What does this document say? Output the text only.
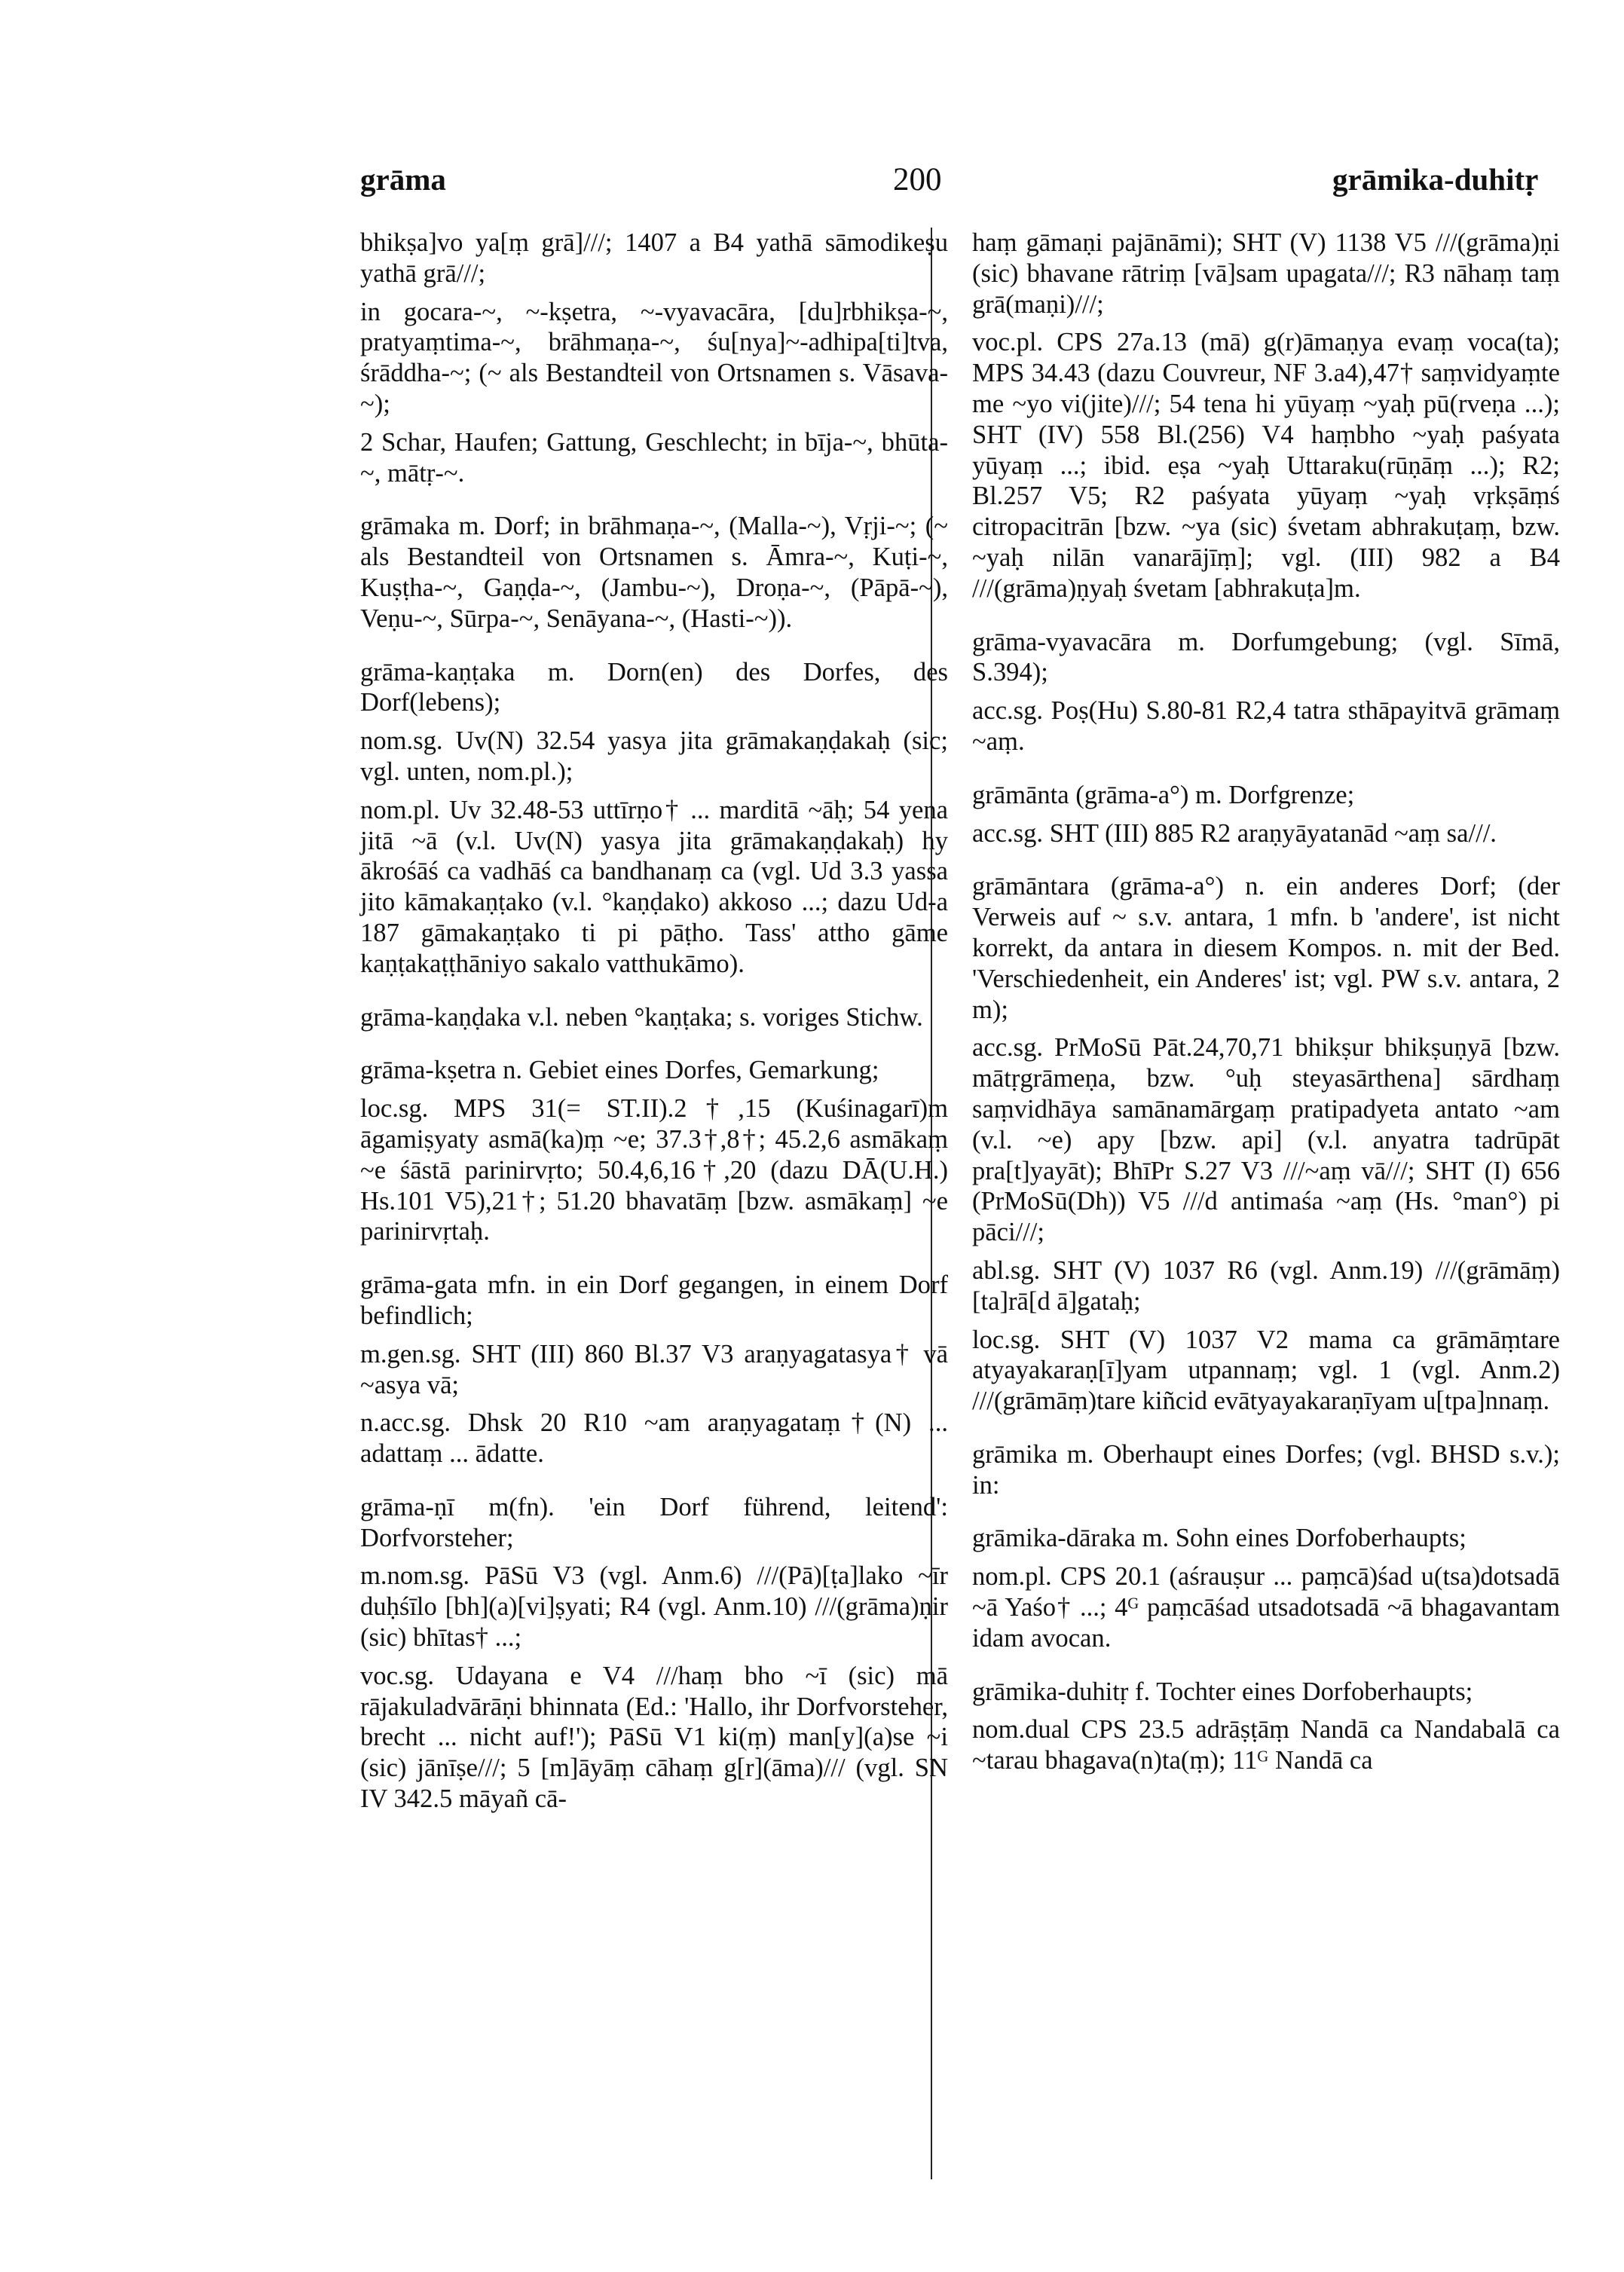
grāma	200	grāmika-duhitṛ

bhikṣa]vo ya[ṃ grā]///; 1407 a B4 yathā sāmodikeṣu yathā grā///;

in gocara-~, ~-kṣetra, ~-vyavacāra, [du]rbhikṣa-~, pratyaṃtima-~, brāhmaṇa-~, śu[nya]~-adhipa[ti]tva, śrāddha-~; (~ als Bestandteil von Ortsnamen s. Vāsava-~);

2 Schar, Haufen; Gattung, Geschlecht; in bīja-~, bhūta-~, mātṛ-~.

grāmaka m. Dorf; in brāhmaṇa-~, (Malla-~), Vṛji-~; (~ als Bestandteil von Ortsnamen s. Āmra-~, Kuṭi-~, Kuṣṭha-~, Gaṇḍa-~, (Jambu-~), Droṇa-~, (Pāpā-~), Veṇu-~, Sūrpa-~, Senāyana-~, (Hasti-~)).

grāma-kaṇṭaka m. Dorn(en) des Dorfes, des Dorf(lebens);

nom.sg. Uv(N) 32.54 yasya jita grāmakaṇḍakaḥ (sic; vgl. unten, nom.pl.);

nom.pl. Uv 32.48-53 uttīrṇo† ... marditā ~āḥ; 54 yena jitā ~ā (v.l. Uv(N) yasya jita grāmakaṇḍakaḥ) hy ākrośāś ca vadhāś ca bandhanaṃ ca (vgl. Ud 3.3 yassa jito kāmakaṇṭako (v.l. °kaṇḍako) akkoso ...; dazu Ud-a 187 gāmakaṇṭako ti pi pāṭho. Tass' attho gāme kaṇṭakaṭṭhāniyo sakalo vatthukāmo).

grāma-kaṇḍaka v.l. neben °kaṇṭaka; s. voriges Stichw.

grāma-kṣetra n. Gebiet eines Dorfes, Gemarkung;

loc.sg. MPS 31(= ST.II).2†,15 (Kuśinagarī)m āgamiṣyaty asmā(ka)ṃ ~e; 37.3†,8†; 45.2,6 asmākaṃ ~e śāstā parinirvṛto; 50.4,6,16†,20 (dazu DĀ(U.H.) Hs.101 V5),21†; 51.20 bhavatāṃ [bzw. asmākaṃ] ~e parinirvṛtaḥ.

grāma-gata mfn. in ein Dorf gegangen, in einem Dorf befindlich;

m.gen.sg. SHT (III) 860 Bl.37 V3 araṇyagatasya† vā ~asya vā;

n.acc.sg. Dhsk 20 R10 ~am araṇyagataṃ†(N) ... adattaṃ ... ādatte.

grāma-ṇī m(fn). 'ein Dorf führend, leitend': Dorfvorsteher;

m.nom.sg. PāSū V3 (vgl. Anm.6) ///(Pā)[ṭa]lako ~īr duḥśīlo [bh](a)[vi]ṣyati; R4 (vgl. Anm.10) ///(grāma)ṇir (sic) bhītas† ...;

voc.sg. Udayana e V4 ///haṃ bho ~ī (sic) mā rājakuladvārāṇi bhinnata (Ed.: 'Hallo, ihr Dorfvorsteher, brecht ... nicht auf!'); PāSū V1 ki(ṃ) man[y](a)se ~i (sic) jānīṣe///; 5 [m]āyāṃ cāhaṃ g[r](āma)/// (vgl. SN IV 342.5 māyañ cā-

haṃ gāmaṇi pajānāmi); SHT (V) 1138 V5 ///(grāma)ṇi (sic) bhavane rātriṃ [vā]sam upagata///; R3 nāhaṃ taṃ grā(maṇi)///;

voc.pl. CPS 27a.13 (mā) g(r)āmaṇya evaṃ voca(ta); MPS 34.43 (dazu Couvreur, NF 3.a4),47† saṃvidyaṃte me ~yo vi(jite)///; 54 tena hi yūyaṃ ~yaḥ pū(rveṇa ...); SHT (IV) 558 Bl.(256) V4 haṃbho ~yaḥ paśyata yūyaṃ ...; ibid. eṣa ~yaḥ Uttaraku(rūṇāṃ ...); R2; Bl.257 V5; R2 paśyata yūyaṃ ~yaḥ vṛkṣāṃś citropacitrān [bzw. ~ya (sic) śvetam abhrakuṭaṃ, bzw. ~yaḥ nilān vanarājīṃ]; vgl. (III) 982 a B4 ///(grāma)ṇyaḥ śvetam [abhrakuṭa]m.

grāma-vyavacāra m. Dorfumgebung; (vgl. Sīmā, S.394);

acc.sg. Poṣ(Hu) S.80-81 R2,4 tatra sthāpayitvā grāmaṃ ~aṃ.

grāmānta (grāma-a°) m. Dorfgrenze;

acc.sg. SHT (III) 885 R2 araṇyāyatanād ~aṃ sa///.

grāmāntara (grāma-a°) n. ein anderes Dorf; (der Verweis auf ~ s.v. antara, 1 mfn. b 'andere', ist nicht korrekt, da antara in diesem Kompos. n. mit der Bed. 'Verschiedenheit, ein Anderes' ist; vgl. PW s.v. antara, 2 m);

acc.sg. PrMoSū Pāt.24,70,71 bhikṣur bhikṣuṇyā [bzw. mātṛgrāmeṇa, bzw. °uḥ steyasārthena] sārdhaṃ saṃvidhāya samānamārgaṃ pratipadyeta antato ~am (v.l. ~e) apy [bzw. api] (v.l. anyatra tadrūpāt pra[t]yayāt); BhīPr S.27 V3 ///~aṃ vā///; SHT (I) 656 (PrMoSū(Dh)) V5 ///d antimaśa ~aṃ (Hs. °man°) pi pāci///;

abl.sg. SHT (V) 1037 R6 (vgl. Anm.19) ///(grāmāṃ)[ta]rā[d ā]gataḥ;

loc.sg. SHT (V) 1037 V2 mama ca grāmāṃtare atyayakaraṇ[ī]yam utpannaṃ; vgl. 1 (vgl. Anm.2) ///(grāmāṃ)tare kiñcid evātyayakaraṇīyam u[tpa]nnaṃ.

grāmika m. Oberhaupt eines Dorfes; (vgl. BHSD s.v.); in:

grāmika-dāraka m. Sohn eines Dorfoberhaupts;

nom.pl. CPS 20.1 (aśrauṣur ... paṃcā)śad u(tsa)dotsadā ~ā Yaśo† ...; 4ᴳ paṃcāśad utsadotsadā ~ā bhagavantam idam avocan.

grāmika-duhitṛ f. Tochter eines Dorfoberhaupts;

nom.dual CPS 23.5 adrāṣṭāṃ Nandā ca Nandabalā ca ~tarau bhagava(n)ta(ṃ); 11ᴳ Nandā ca
